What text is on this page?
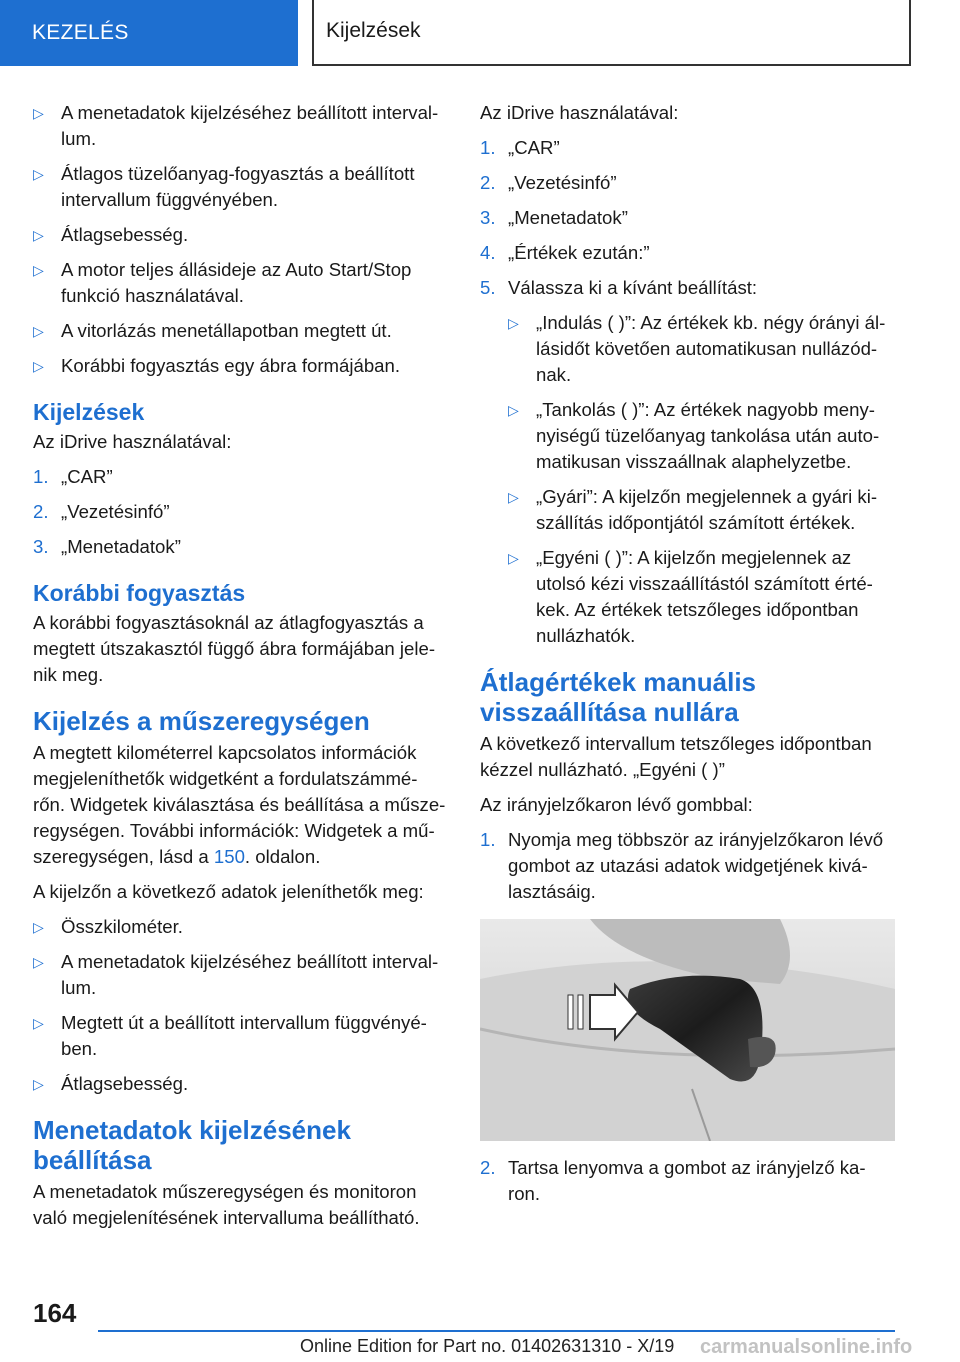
KEZELÉS	Kijelzések
▷ A menetadatok kijelzéséhez beállított interval-lum.
▷ Átlagos tüzelőanyag-fogyasztás a beállított intervallum függvényében.
▷ Átlagsebesség.
▷ A motor teljes állásideje az Auto Start/Stop funkció használatával.
▷ A vitorlázás menetállapotban megtett út.
▷ Korábbi fogyasztás egy ábra formájában.
Kijelzések

Az iDrive használatával:

1. „CAR”
2. „Vezetésinfó”
3. „Menetadatok”
Korábbi fogyasztás

A korábbi fogyasztásoknál az átlagfogyasztás a megtett útszakasztól függő ábra formájában jele-nik meg.

Kijelzés a műszeregységen

A megtett kilométerrel kapcsolatos információk megjeleníthetők widgetként a fordulatszámmé-rőn. Widgetek kiválasztása és beállítása a műsze-regységen. További információk: Widgetek a mű-szeregységen, lásd a 150. oldalon.

A kijelzőn a következő adatok jeleníthetők meg:

▷ Összkilométer.
▷ A menetadatok kijelzéséhez beállított interval-lum.
▷ Megtett út a beállított intervallum függvényé-ben.
▷ Átlagsebesség.
Menetadatok kijelzésének beállítása

A menetadatok műszeregységen és monitoron való megjelenítésének intervalluma beállítható.

Az iDrive használatával:

1. „CAR”
2. „Vezetésinfó”
3. „Menetadatok”
4. „Értékek ezután:”
5. Válassza ki a kívánt beállítást:
▷ „Indulás ( )”: Az értékek kb. négy órányi ál-lásidőt követően automatikusan nullázód-nak.
▷ „Tankolás ( )”: Az értékek nagyobb meny-nyiségű tüzelőanyag tankolása után auto-matikusan visszaállnak alaphelyzetbe.
▷ „Gyári”: A kijelzőn megjelennek a gyári ki-szállítás időpontjától számított értékek.
▷ „Egyéni ( )”: A kijelzőn megjelennek az utolsó kézi visszaállítástól számított érté-kek. Az értékek tetszőleges időpontban nullázhatók.
Átlagértékek manuális visszaállítása nullára

A következő intervallum tetszőleges időpontban kézzel nullázható. „Egyéni ( )”

Az irányjelzőkaron lévő gombbal:

1. Nyomja meg többször az irányjelzőkaron lévő gombot az utazási adatok widgetjének kivá-lasztásáig.
2. Tartsa lenyomva a gombot az irányjelző ka-ron.
164
Online Edition for Part no. 01402631310 - X/19 carmanualsonline.info
